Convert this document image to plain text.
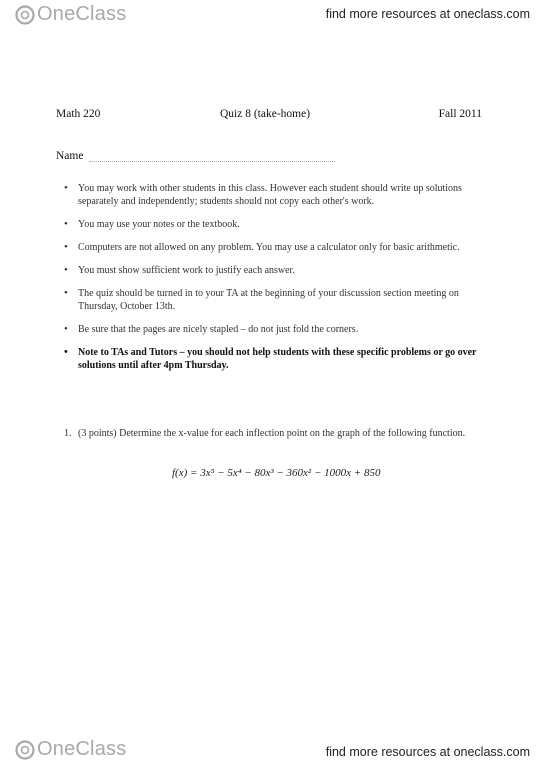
OneClass	find more resources at oneclass.com
Math 220	Quiz 8 (take-home)	Fall 2011
Name
• You may work with other students in this class. However each student should write up solutions separately and independently; students should not copy each other's work.
• You may use your notes or the textbook.
• Computers are not allowed on any problem. You may use a calculator only for basic arithmetic.
• You must show sufficient work to justify each answer.
• The quiz should be turned in to your TA at the beginning of your discussion section meeting on Thursday, October 13th.
• Be sure that the pages are nicely stapled – do not just fold the corners.
• Note to TAs and Tutors – you should not help students with these specific problems or go over solutions until after 4pm Thursday.
1. (3 points) Determine the x-value for each inflection point on the graph of the following function.
f(x) = 3x⁵ − 5x⁴ − 80x³ − 360x² − 1000x + 850
OneClass	find more resources at oneclass.com
